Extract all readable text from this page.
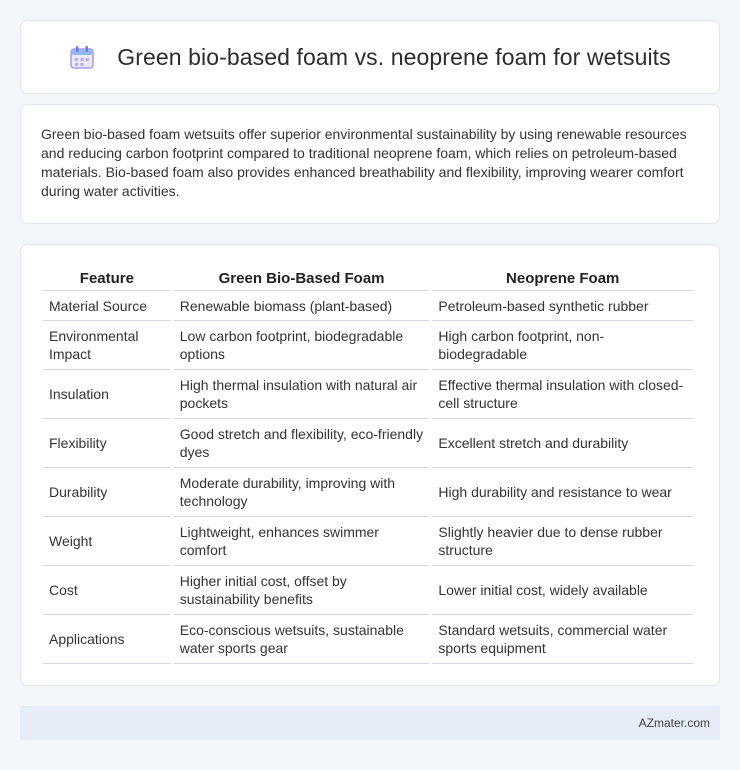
Green bio-based foam vs. neoprene foam for wetsuits

Green bio-based foam wetsuits offer superior environmental sustainability by using renewable resources and reducing carbon footprint compared to traditional neoprene foam, which relies on petroleum-based materials. Bio-based foam also provides enhanced breathability and flexibility, improving wearer comfort during water activities.

Feature	Green Bio-Based Foam	Neoprene Foam
Material Source	Renewable biomass (plant-based)	Petroleum-based synthetic rubber
Environmental Impact	Low carbon footprint, biodegradable options	High carbon footprint, non-biodegradable
Insulation	High thermal insulation with natural air pockets	Effective thermal insulation with closed-cell structure
Flexibility	Good stretch and flexibility, eco-friendly dyes	Excellent stretch and durability
Durability	Moderate durability, improving with technology	High durability and resistance to wear
Weight	Lightweight, enhances swimmer comfort	Slightly heavier due to dense rubber structure
Cost	Higher initial cost, offset by sustainability benefits	Lower initial cost, widely available
Applications	Eco-conscious wetsuits, sustainable water sports gear	Standard wetsuits, commercial water sports equipment
AZmater.com
